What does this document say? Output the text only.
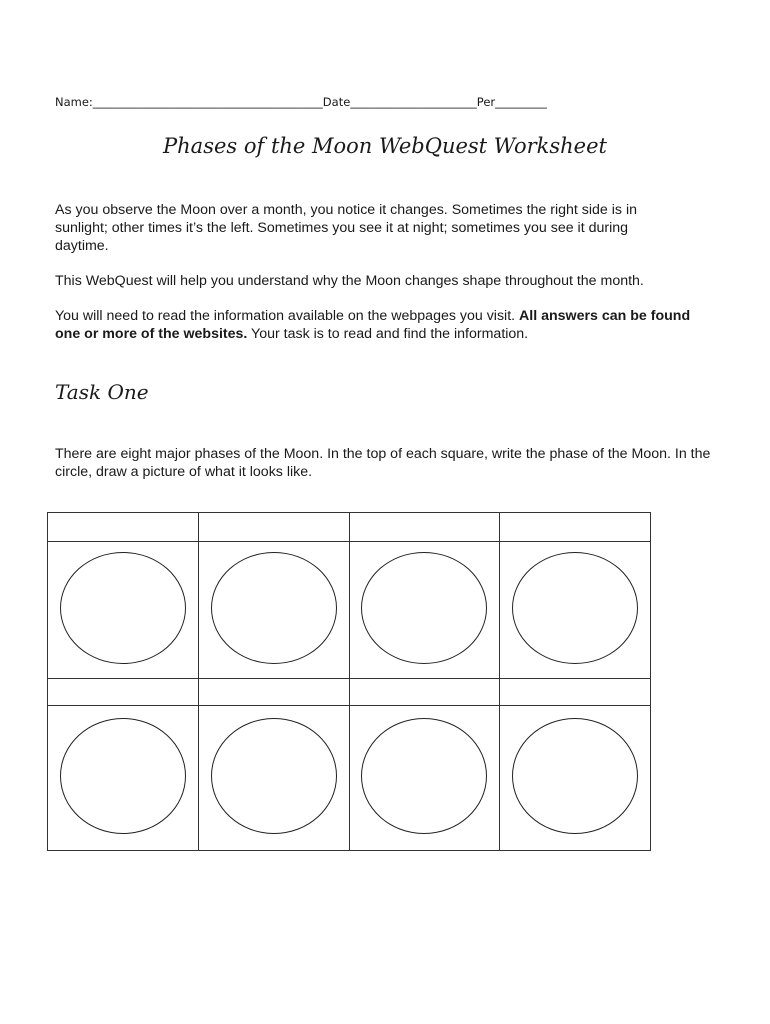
Name:________________________________________Date______________________Per_________
Phases of the Moon WebQuest Worksheet
As you observe the Moon over a month, you notice it changes. Sometimes the right side is in sunlight; other times it’s the left. Sometimes you see it at night; sometimes you see it during daytime.
This WebQuest will help you understand why the Moon changes shape throughout the month.
You will need to read the information available on the webpages you visit. All answers can be found one or more of the websites. Your task is to read and find the information.
Task One
There are eight major phases of the Moon. In the top of each square, write the phase of the Moon. In the circle, draw a picture of what it looks like.
